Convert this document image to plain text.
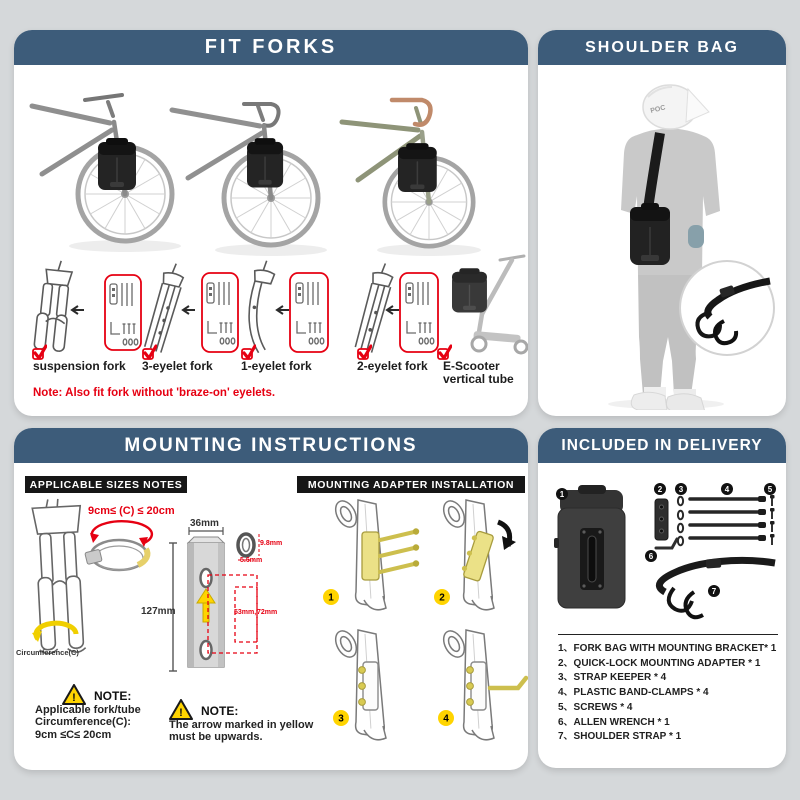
FIT FORKS
suspension fork 3-eyelet fork 1-eyelet fork	2-eyelet fork E-Scooter vertical tube
Note: Also fit fork without 'braze-on' eyelets.
SHOULDER BAG
POC
MOUNTING INSTRUCTIONS
APPLICABLE SIZES NOTES	MOUNTING ADAPTER INSTALLATION
36mm
127mm
9.8mm
5.6mm
53mm, 72mm
9cm≤ (C) ≤ 20cm
Circumference(C)
1	2
3	4
! NOTE:
Applicable fork/tube
Circumference(C):
9cm ≤C≤ 20cm
! NOTE:
The arrow marked in yellow
must be upwards.
INCLUDED IN DELIVERY
1
2 3	4	5
6
7
1、FORK BAG WITH MOUNTING BRACKET* 1
2、QUICK-LOCK MOUNTING ADAPTER * 1
3、STRAP KEEPER * 4
4、PLASTIC BAND-CLAMPS * 4
5、SCREWS * 4
6、ALLEN WRENCH * 1
7、SHOULDER STRAP * 1
